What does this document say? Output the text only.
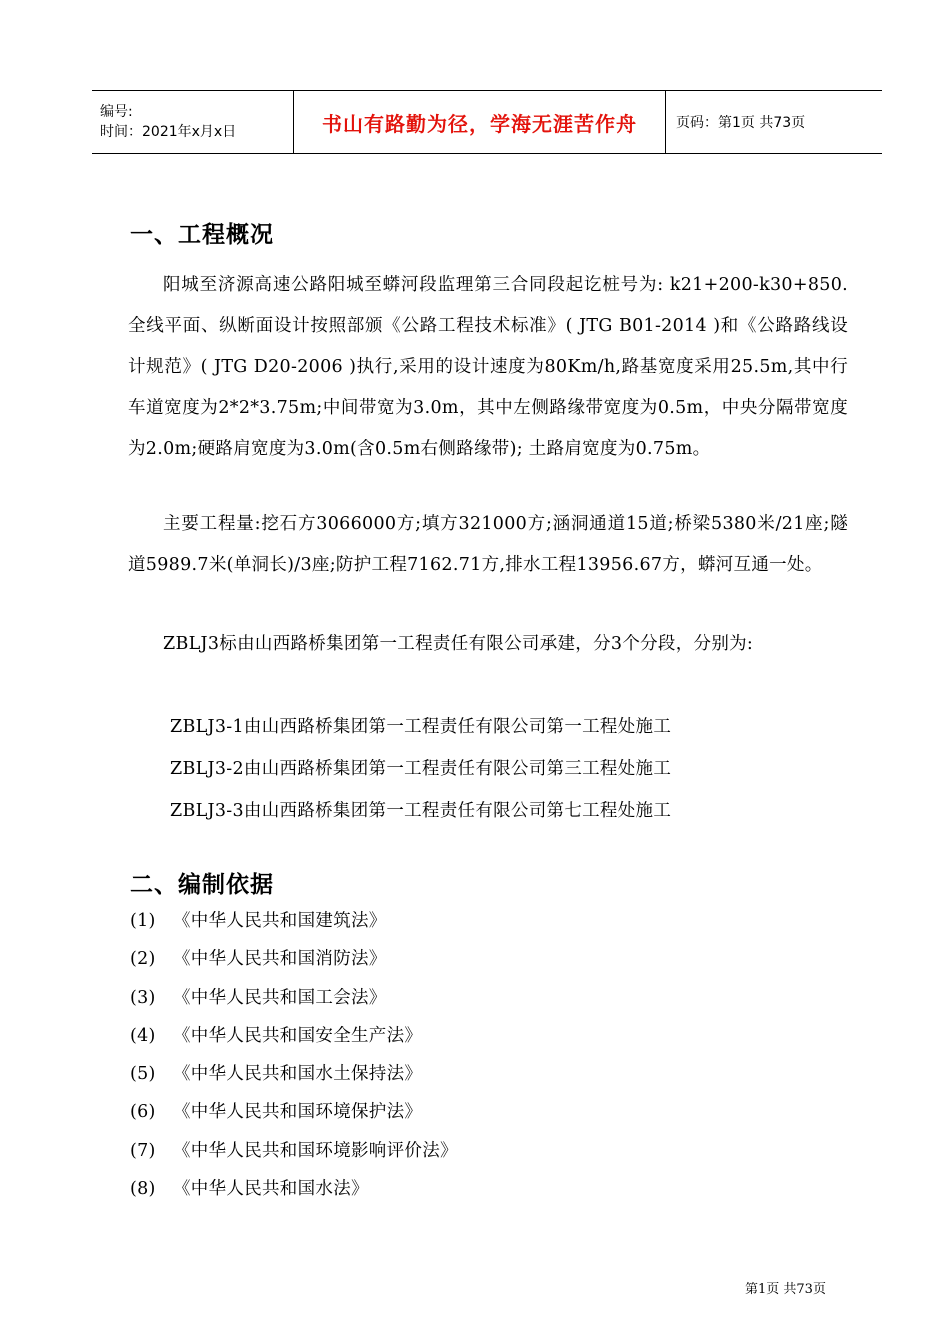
编号:
时间：2021年x月x日	书山有路勤为径，学海无涯苦作舟	页码：第1页 共73页
一、工程概况
阳城至济源高速公路阳城至蟒河段监理第三合同段起讫桩号为: k21+200-k30+850.全线平面、纵断面设计按照部颁《公路工程技术标准》( JTG B01-2014 )和《公路路线设计规范》( JTG D20-2006 )执行,采用的设计速度为80Km/h,路基宽度采用25.5m,其中行车道宽度为2*2*3.75m;中间带宽为3.0m，其中左侧路缘带宽度为0.5m，中央分隔带宽度为2.0m;硬路肩宽度为3.0m(含0.5m右侧路缘带); 土路肩宽度为0.75m。
主要工程量:挖石方3066000方;填方321000方;涵洞通道15道;桥梁5380米/21座;隧道5989.7米(单洞长)/3座;防护工程7162.71方,排水工程13956.67方，蟒河互通一处。
ZBLJ3标由山西路桥集团第一工程责任有限公司承建，分3个分段，分别为:
ZBLJ3-1由山西路桥集团第一工程责任有限公司第一工程处施工
ZBLJ3-2由山西路桥集团第一工程责任有限公司第三工程处施工
ZBLJ3-3由山西路桥集团第一工程责任有限公司第七工程处施工
二、编制依据
(1) 《中华人民共和国建筑法》
(2) 《中华人民共和国消防法》
(3) 《中华人民共和国工会法》
(4) 《中华人民共和国安全生产法》
(5) 《中华人民共和国水土保持法》
(6) 《中华人民共和国环境保护法》
(7) 《中华人民共和国环境影响评价法》
(8) 《中华人民共和国水法》
第1页 共73页
